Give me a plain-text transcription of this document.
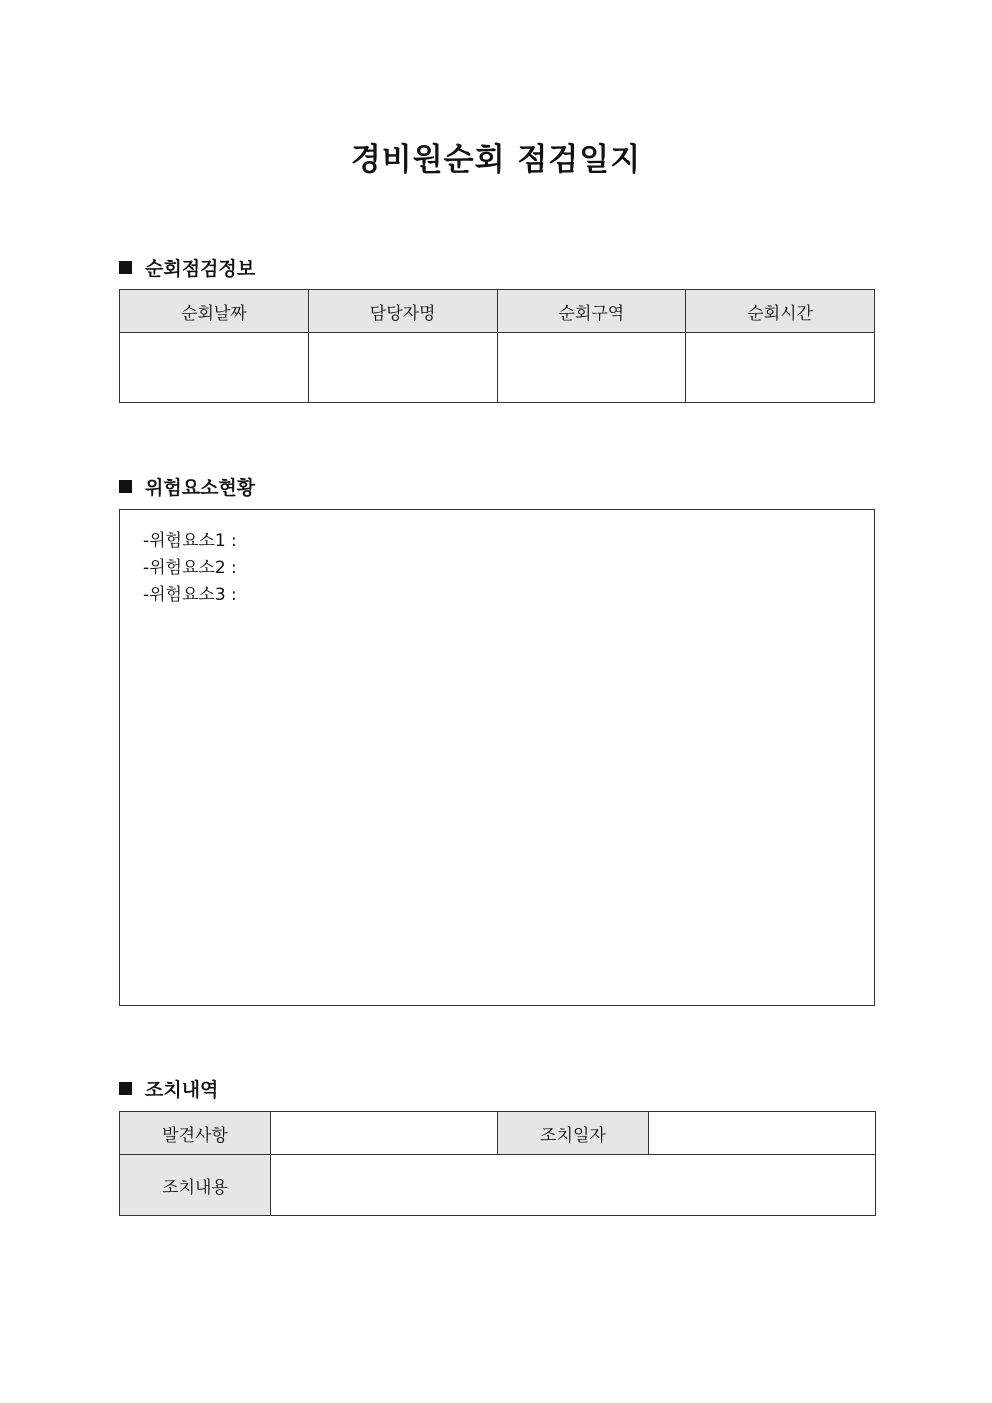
경비원순회 점검일지
순회점검정보
순회날짜	담당자명	순회구역	순회시간

위험요소현황
-위험요소1 :
-위험요소2 :
-위험요소3 :
조치내역
발견사항		조치일자	
조치내용			
